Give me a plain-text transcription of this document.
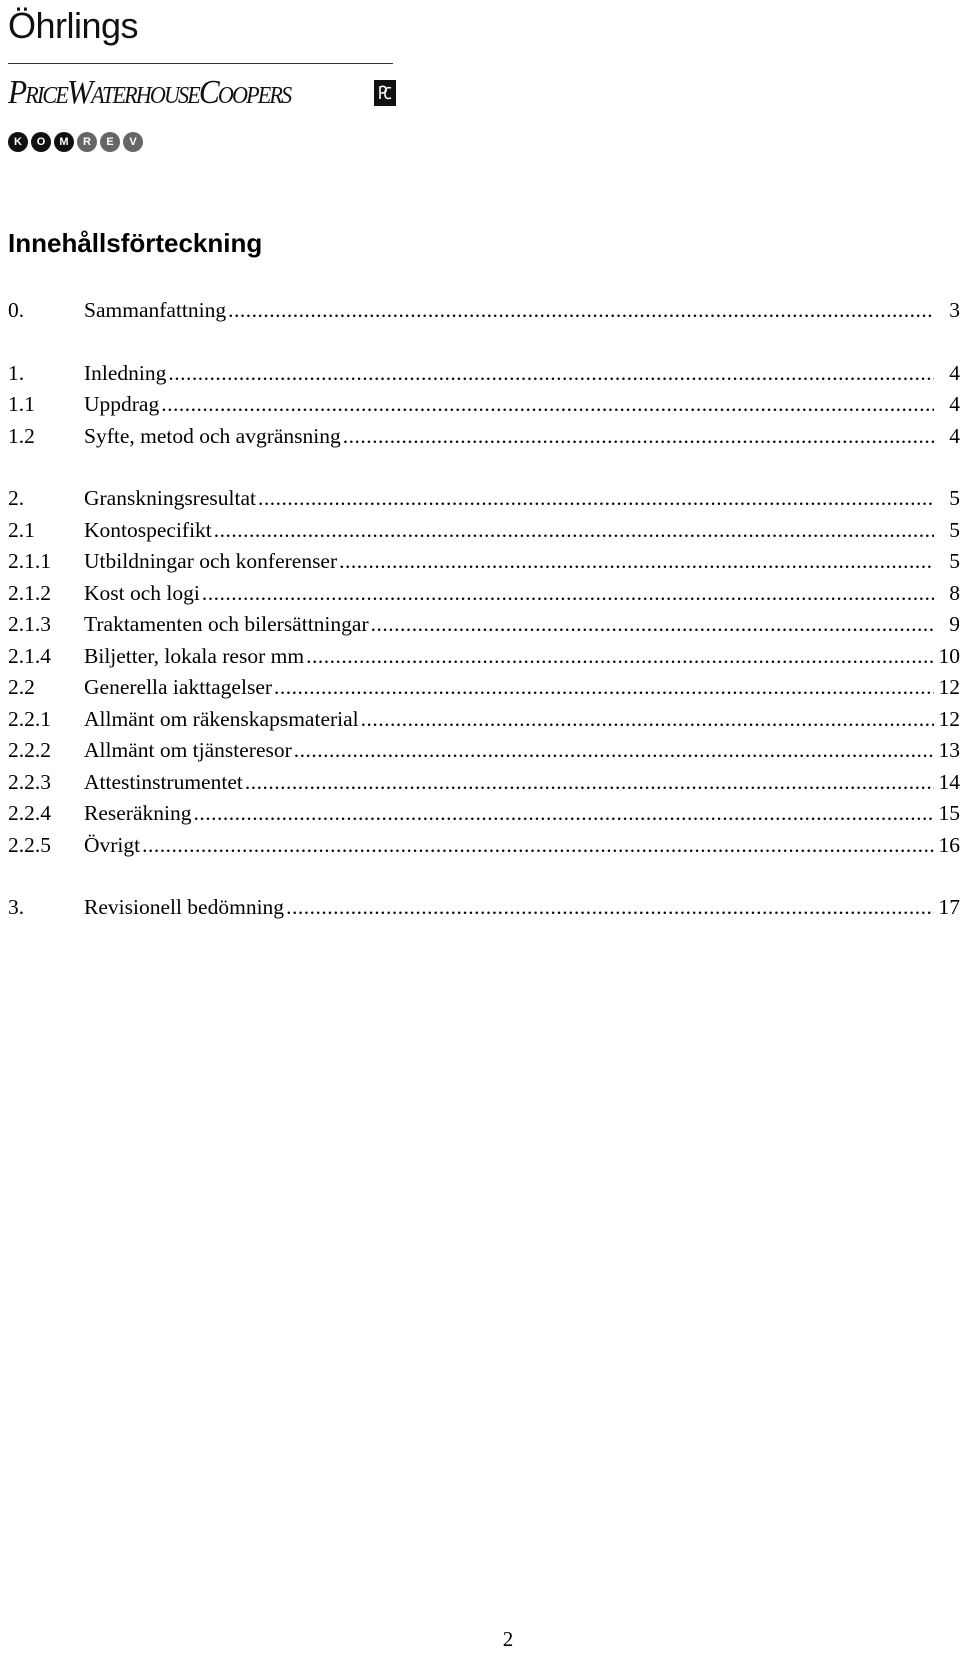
Öhrlings
PriceWaterhouseCoopers
K	O	M	R	E	V
Innehållsförteckning
0.	Sammanfattning .....	3
1.	Inledning .....	4
1.1	Uppdrag .....	4
1.2	Syfte, metod och avgränsning .....	4
2.	Granskningsresultat .....	5
2.1	Kontospecifikt .....	5
2.1.1	Utbildningar och konferenser .....	5
2.1.2	Kost och logi .....	8
2.1.3	Traktamenten och bilersättningar .....	9
2.1.4	Biljetter, lokala resor mm .....	10
2.2	Generella iakttagelser .....	12
2.2.1	Allmänt om räkenskapsmaterial .....	12
2.2.2	Allmänt om tjänsteresor .....	13
2.2.3	Attestinstrumentet .....	14
2.2.4	Reseräkning .....	15
2.2.5	Övrigt .....	16
3.	Revisionell bedömning .....	17
2
